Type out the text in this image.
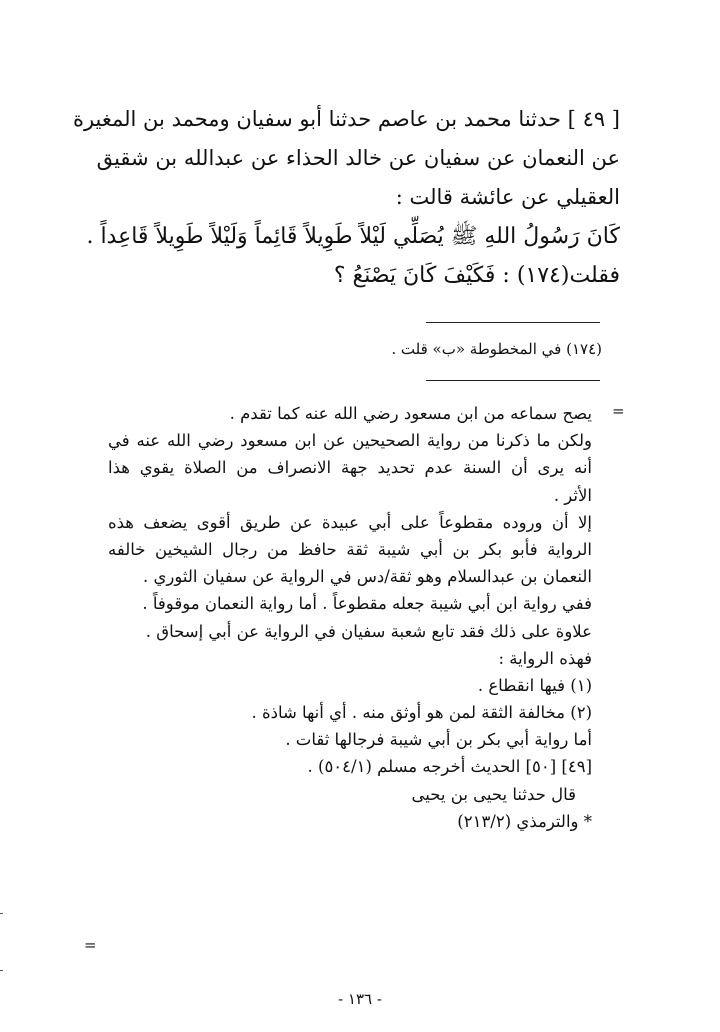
[ ٤٩ ] حدثنا محمد بن عاصم حدثنا أبو سفيان ومحمد بن المغيرة
عن النعمان عن سفيان عن خالد الحذاء عن عبدالله بن شقيق
العقيلي عن عائشة قالت :
كَانَ رَسُولُ اللهِ ﷺ يُصَلِّي لَيْلاً طَوِيلاً قَائِماً وَلَيْلاً طَوِيلاً قَاعِداً .
فقلت(١٧٤) : فَكَيْفَ كَانَ يَصْنَعُ ؟
(١٧٤) في المخطوطة «ب» قلت .
=
يصح سماعه من ابن مسعود رضي الله عنه كما تقدم .
ولكن ما ذكرنا من رواية الصحيحين عن ابن مسعود رضي الله عنه في
أنه يرى أن السنة عدم تحديد جهة الانصراف من الصلاة يقوي هذا
الأثر .
إلا أن وروده مقطوعاً على أبي عبيدة عن طريق أقوى يضعف هذه
الرواية فأبو بكر بن أبي شيبة ثقة حافظ من رجال الشيخين خالفه
النعمان بن عبدالسلام وهو ثقة/دس في الرواية عن سفيان الثوري .
ففي رواية ابن أبي شيبة جعله مقطوعاً . أما رواية النعمان موقوفاً .
علاوة على ذلك فقد تابع شعبة سفيان في الرواية عن أبي إسحاق .
فهذه الرواية :
(١) فيها انقطاع .
(٢) مخالفة الثقة لمن هو أوثق منه . أي أنها شاذة .
أما رواية أبي بكر بن أبي شيبة فرجالها ثقات .
[٤٩] [٥٠] الحديث أخرجه مسلم (٥٠٤/١) .
قال حدثنا يحيى بن يحيى
* والترمذي (٢١٣/٢)
=
- ١٣٦ -
